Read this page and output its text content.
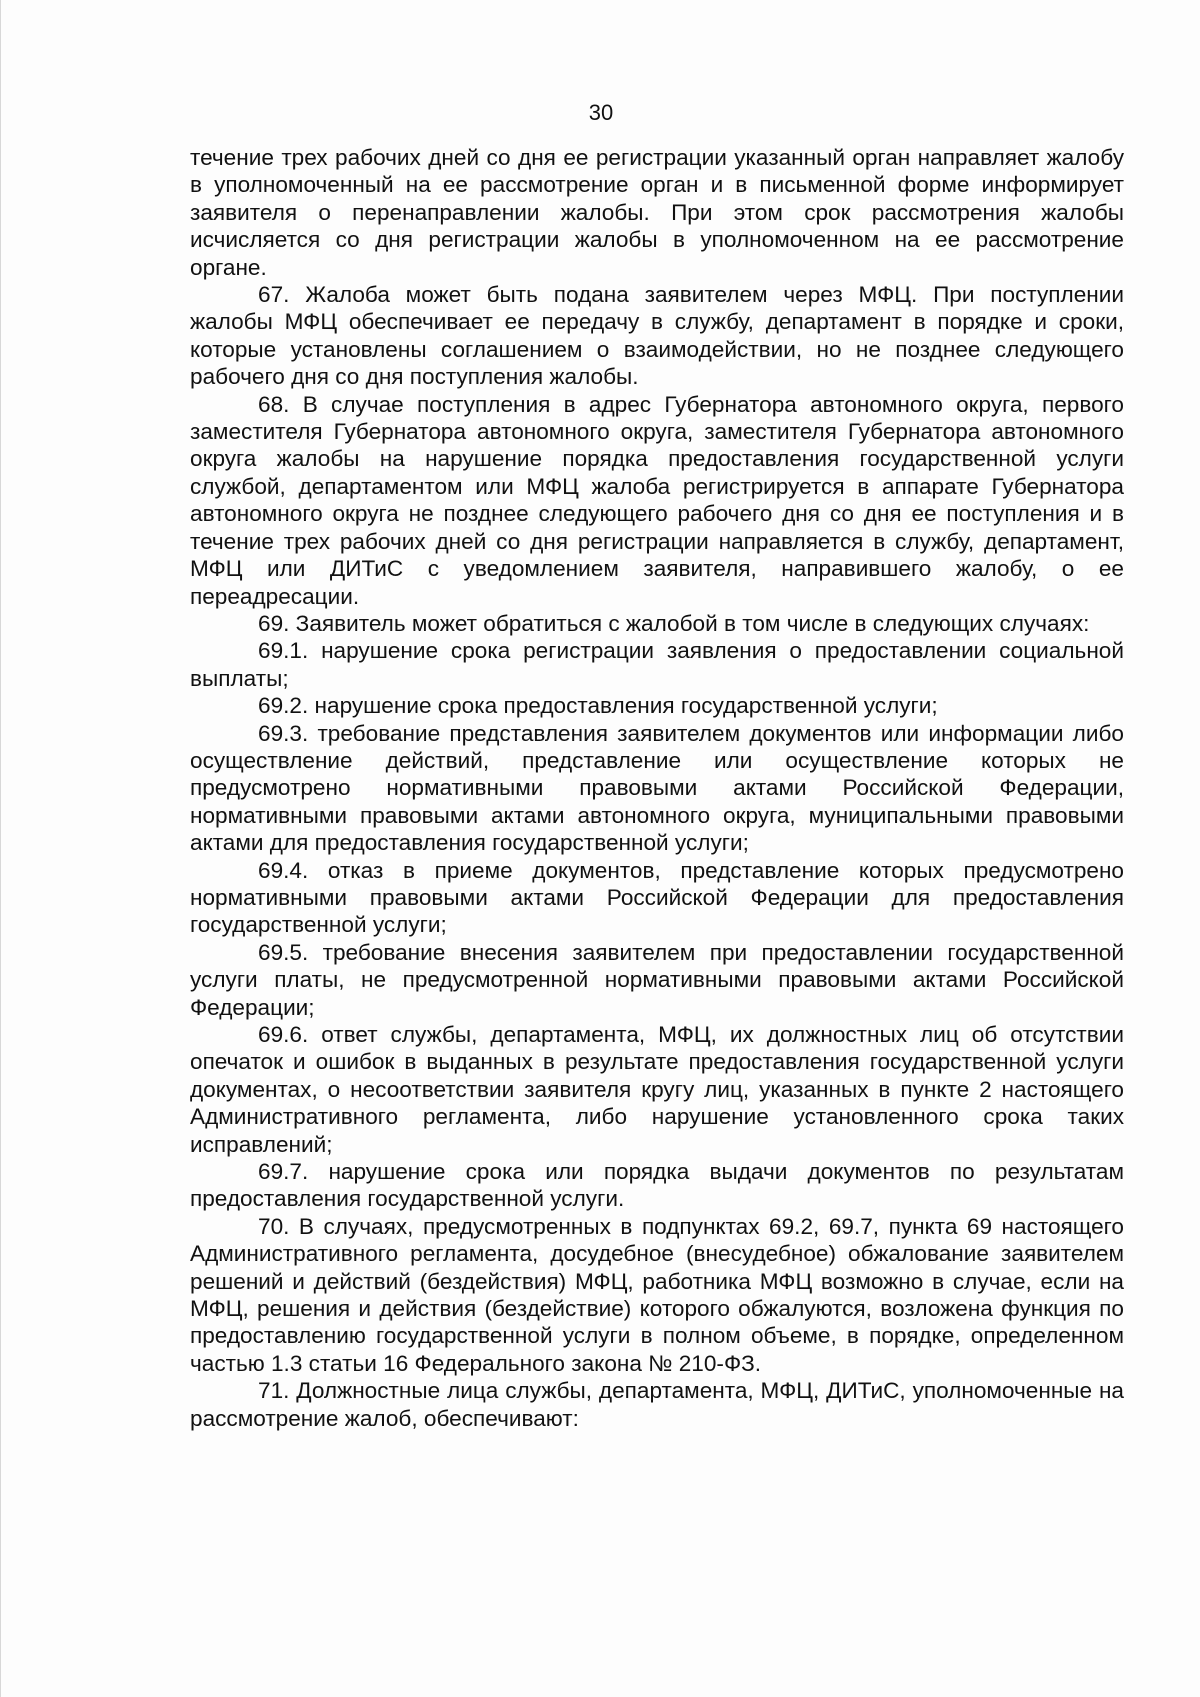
30

течение трех рабочих дней со дня ее регистрации указанный орган направляет жалобу в уполномоченный на ее рассмотрение орган и в письменной форме информирует заявителя о перенаправлении жалобы. При этом срок рассмотрения жалобы исчисляется со дня регистрации жалобы в уполномоченном на ее рассмотрение органе.

67. Жалоба может быть подана заявителем через МФЦ. При поступлении жалобы МФЦ обеспечивает ее передачу в службу, департамент в порядке и сроки, которые установлены соглашением о взаимодействии, но не позднее следующего рабочего дня со дня поступления жалобы.

68. В случае поступления в адрес Губернатора автономного округа, первого заместителя Губернатора автономного округа, заместителя Губернатора автономного округа жалобы на нарушение порядка предоставления государственной услуги службой, департаментом или МФЦ жалоба регистрируется в аппарате Губернатора автономного округа не позднее следующего рабочего дня со дня ее поступления и в течение трех рабочих дней со дня регистрации направляется в службу, департамент, МФЦ или ДИТиС с уведомлением заявителя, направившего жалобу, о ее переадресации.

69. Заявитель может обратиться с жалобой в том числе в следующих случаях:

69.1. нарушение срока регистрации заявления о предоставлении социальной выплаты;

69.2. нарушение срока предоставления государственной услуги;

69.3. требование представления заявителем документов или информации либо осуществление действий, представление или осуществление которых не предусмотрено нормативными правовыми актами Российской Федерации, нормативными правовыми актами автономного округа, муниципальными правовыми актами для предоставления государственной услуги;

69.4. отказ в приеме документов, представление которых предусмотрено нормативными правовыми актами Российской Федерации для предоставления государственной услуги;

69.5. требование внесения заявителем при предоставлении государственной услуги платы, не предусмотренной нормативными правовыми актами Российской Федерации;

69.6. ответ службы, департамента, МФЦ, их должностных лиц об отсутствии опечаток и ошибок в выданных в результате предоставления государственной услуги документах, о несоответствии заявителя кругу лиц, указанных в пункте 2 настоящего Административного регламента, либо нарушение установленного срока таких исправлений;

69.7. нарушение срока или порядка выдачи документов по результатам предоставления государственной услуги.

70. В случаях, предусмотренных в подпунктах 69.2, 69.7, пункта 69 настоящего Административного регламента, досудебное (внесудебное) обжалование заявителем решений и действий (бездействия) МФЦ, работника МФЦ возможно в случае, если на МФЦ, решения и действия (бездействие) которого обжалуются, возложена функция по предоставлению государственной услуги в полном объеме, в порядке, определенном частью 1.3 статьи 16 Федерального закона № 210-ФЗ.

71. Должностные лица службы, департамента, МФЦ, ДИТиС, уполномоченные на рассмотрение жалоб, обеспечивают:
